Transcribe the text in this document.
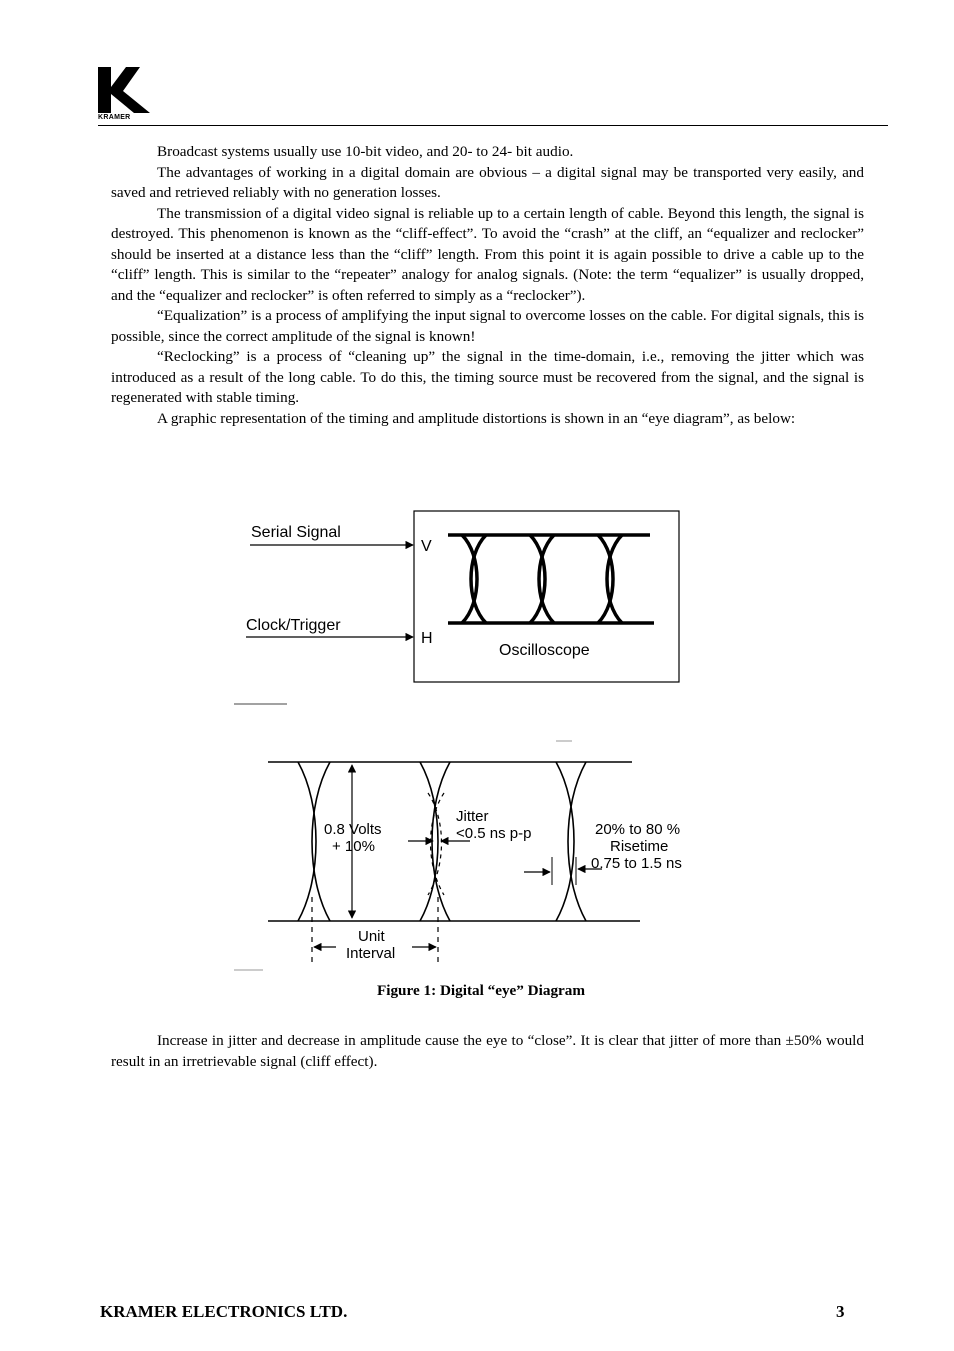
KRAMER

Broadcast systems usually use 10-bit video, and 20- to 24- bit audio.

The advantages of working in a digital domain are obvious – a digital signal may be transported very easily, and saved and retrieved reliably with no generation losses.

The transmission of a digital video signal is reliable up to a certain length of cable. Beyond this length, the signal is destroyed. This phenomenon is known as the “cliff-effect”. To avoid the “crash” at the cliff, an “equalizer and reclocker” should be inserted at a distance less than the “cliff” length. From this point it is again possible to drive a cable up to the “cliff” length. This is similar to the “repeater” analogy for analog signals. (Note: the term “equalizer” is usually dropped, and the “equalizer and reclocker” is often referred to simply as a “reclocker”).

“Equalization” is a process of amplifying the input signal to overcome losses on the cable. For digital signals, this is possible, since the correct amplitude of the signal is known!

“Reclocking” is a process of “cleaning up” the signal in the time-domain, i.e., removing the jitter which was introduced as a result of the long cable. To do this, the timing source must be recovered from the signal, and the signal is regenerated with stable timing.

A graphic representation of the timing and amplitude distortions is shown in an “eye diagram”, as below:

Serial Signal
Clock/Trigger
V
H
Oscilloscope
0.8 Volts
+ 10%
Jitter
<0.5 ns p-p	20% to 80 %
Risetime
0.75 to 1.5 ns
Unit
Interval
Figure 1: Digital “eye” Diagram

Increase in jitter and decrease in amplitude cause the eye to “close”. It is clear that jitter of more than ±50% would result in an irretrievable signal (cliff effect).

KRAMER ELECTRONICS LTD.	3
